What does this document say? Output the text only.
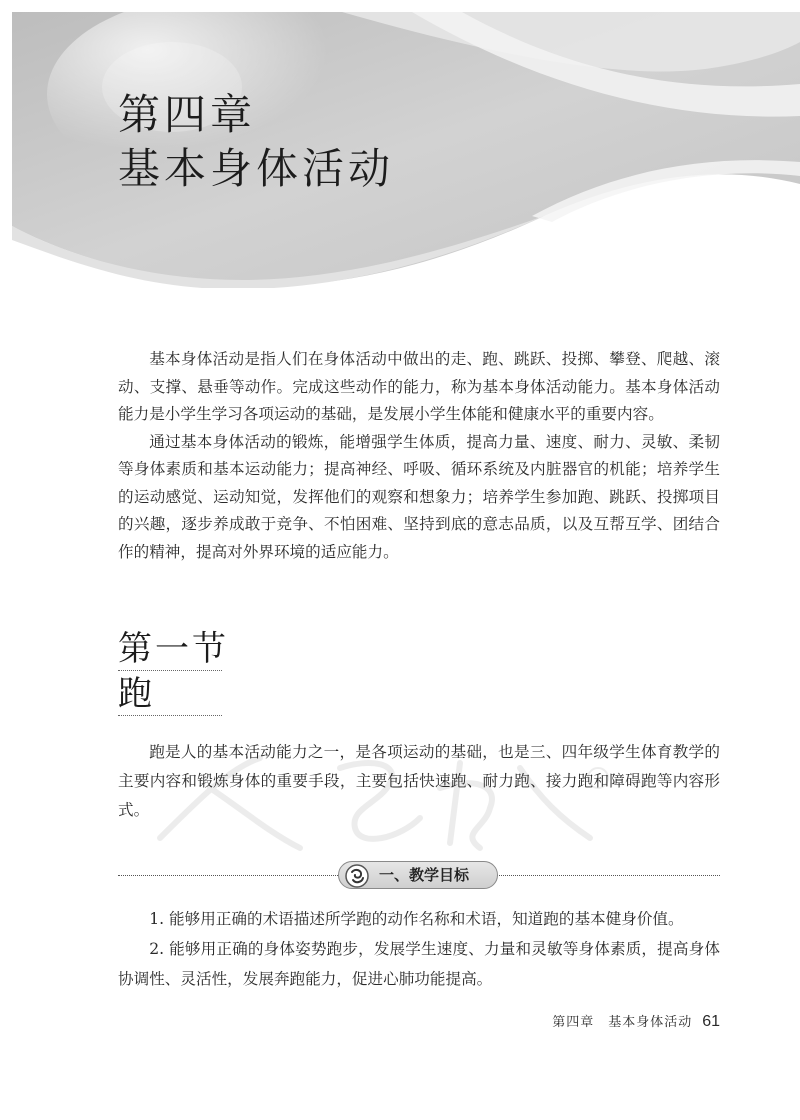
第四章
基本身体活动

基本身体活动是指人们在身体活动中做出的走、跑、跳跃、投掷、攀登、爬越、滚动、支撑、悬垂等动作。完成这些动作的能力，称为基本身体活动能力。基本身体活动能力是小学生学习各项运动的基础，是发展小学生体能和健康水平的重要内容。

通过基本身体活动的锻炼，能增强学生体质，提高力量、速度、耐力、灵敏、柔韧等身体素质和基本运动能力；提高神经、呼吸、循环系统及内脏器官的机能；培养学生的运动感觉、运动知觉，发挥他们的观察和想象力；培养学生参加跑、跳跃、投掷项目的兴趣，逐步养成敢于竞争、不怕困难、坚持到底的意志品质，以及互帮互学、团结合作的精神，提高对外界环境的适应能力。

第一节
跑

跑是人的基本活动能力之一，是各项运动的基础，也是三、四年级学生体育教学的主要内容和锻炼身体的重要手段，主要包括快速跑、耐力跑、接力跑和障碍跑等内容形式。

一、教学目标

1. 能够用正确的术语描述所学跑的动作名称和术语，知道跑的基本健身价值。

2. 能够用正确的身体姿势跑步，发展学生速度、力量和灵敏等身体素质，提高身体协调性、灵活性，发展奔跑能力，促进心肺功能提高。

第四章　基本身体活动 61
